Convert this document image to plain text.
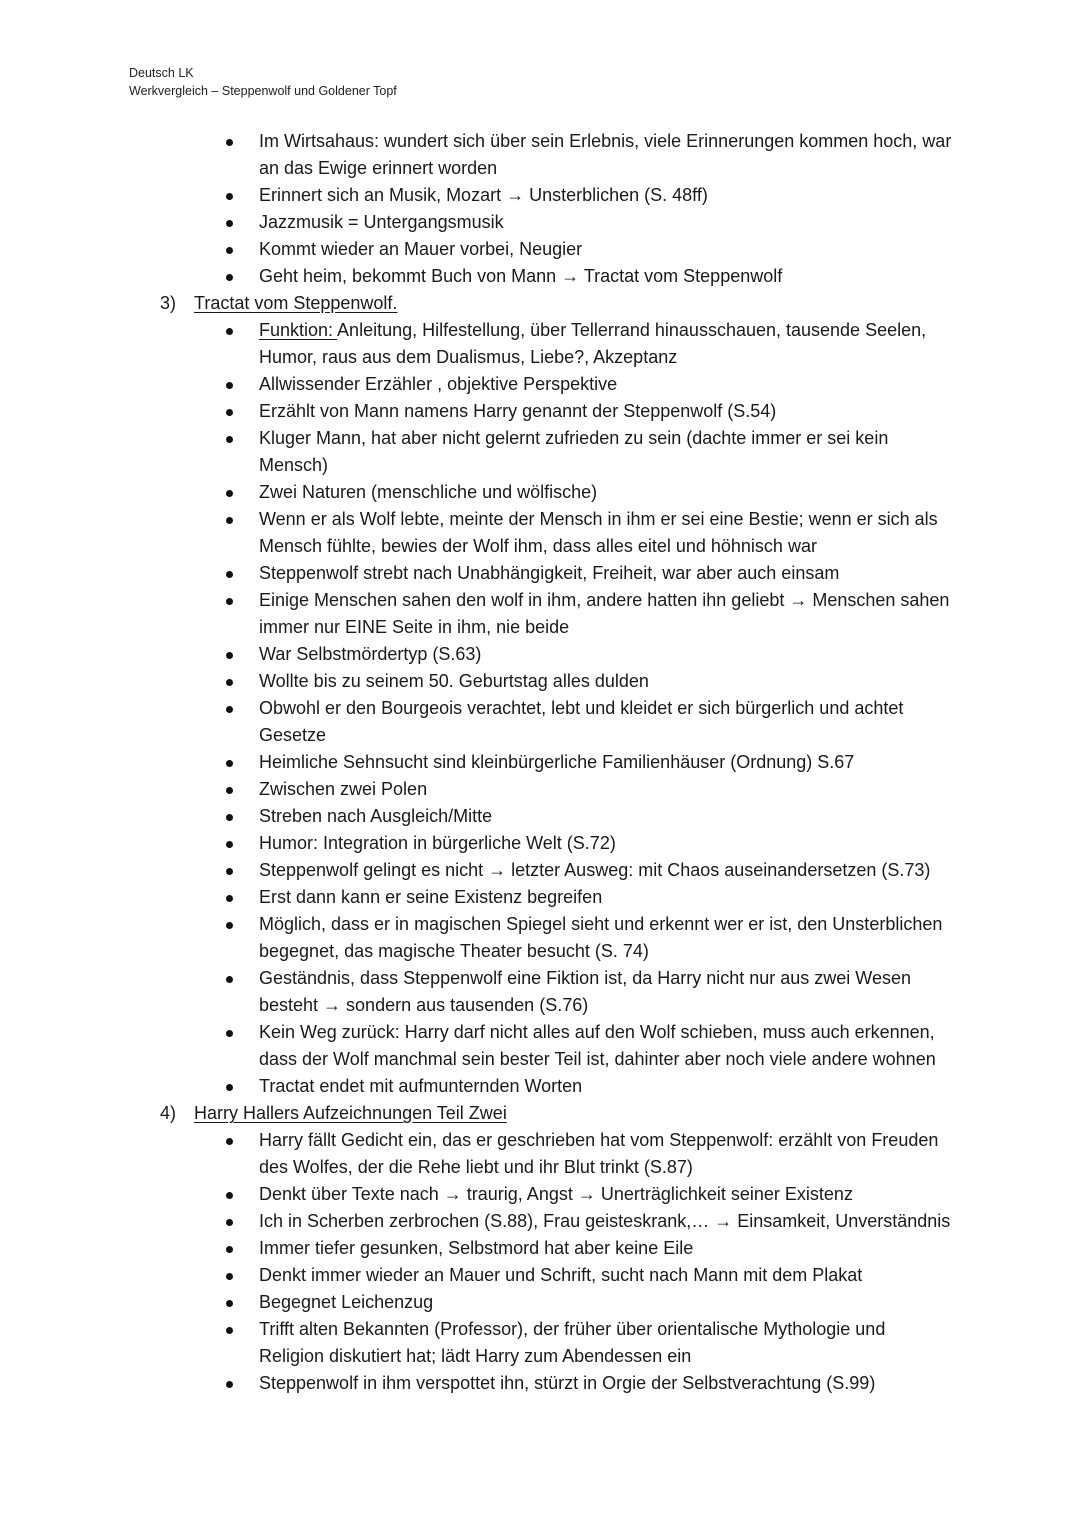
Deutsch LK
Werkvergleich – Steppenwolf und Goldener Topf
Im Wirtsahaus: wundert sich über sein Erlebnis, viele Erinnerungen kommen hoch, war an das Ewige erinnert worden
Erinnert sich an Musik, Mozart → Unsterblichen (S. 48ff)
Jazzmusik = Untergangsmusik
Kommt wieder an Mauer vorbei, Neugier
Geht heim, bekommt Buch von Mann → Tractat vom Steppenwolf
3) Tractat vom Steppenwolf.
Funktion: Anleitung, Hilfestellung, über Tellerrand hinausschauen, tausende Seelen, Humor, raus aus dem Dualismus, Liebe?, Akzeptanz
Allwissender Erzähler , objektive Perspektive
Erzählt von Mann namens Harry genannt der Steppenwolf (S.54)
Kluger Mann, hat aber nicht gelernt zufrieden zu sein (dachte immer er sei kein Mensch)
Zwei Naturen (menschliche und wölfische)
Wenn er als Wolf lebte, meinte der Mensch in ihm er sei eine Bestie; wenn er sich als Mensch fühlte, bewies der Wolf ihm, dass alles eitel und höhnisch war
Steppenwolf strebt nach Unabhängigkeit, Freiheit, war aber auch einsam
Einige Menschen sahen den wolf in ihm, andere hatten ihn geliebt → Menschen sahen immer nur EINE Seite in ihm, nie beide
War Selbstmördertyp (S.63)
Wollte bis zu seinem 50. Geburtstag alles dulden
Obwohl er den Bourgeois verachtet, lebt und kleidet er sich bürgerlich und achtet Gesetze
Heimliche Sehnsucht sind kleinbürgerliche Familienhäuser (Ordnung) S.67
Zwischen zwei Polen
Streben nach Ausgleich/Mitte
Humor: Integration in bürgerliche Welt (S.72)
Steppenwolf gelingt es nicht → letzter Ausweg: mit Chaos auseinandersetzen (S.73)
Erst dann kann er seine Existenz begreifen
Möglich, dass er in magischen Spiegel sieht und erkennt wer er ist, den Unsterblichen begegnet, das magische Theater besucht (S. 74)
Geständnis, dass Steppenwolf eine Fiktion ist, da Harry nicht nur aus zwei Wesen besteht → sondern aus tausenden (S.76)
Kein Weg zurück: Harry darf nicht alles auf den Wolf schieben, muss auch erkennen, dass der Wolf manchmal sein bester Teil ist, dahinter aber noch viele andere wohnen
Tractat endet mit aufmunternden Worten
4) Harry Hallers Aufzeichnungen Teil Zwei
Harry fällt Gedicht ein, das er geschrieben hat vom Steppenwolf: erzählt von Freuden des Wolfes, der die Rehe liebt und ihr Blut trinkt (S.87)
Denkt über Texte nach → traurig, Angst → Unerträglichkeit seiner Existenz
Ich in Scherben zerbrochen (S.88), Frau geisteskrank,… → Einsamkeit, Unverständnis
Immer tiefer gesunken, Selbstmord hat aber keine Eile
Denkt immer wieder an Mauer und Schrift, sucht nach Mann mit dem Plakat
Begegnet Leichenzug
Trifft alten Bekannten (Professor), der früher über orientalische Mythologie und Religion diskutiert hat; lädt Harry zum Abendessen ein
Steppenwolf in ihm verspottet ihn, stürzt in Orgie der Selbstverachtung (S.99)
